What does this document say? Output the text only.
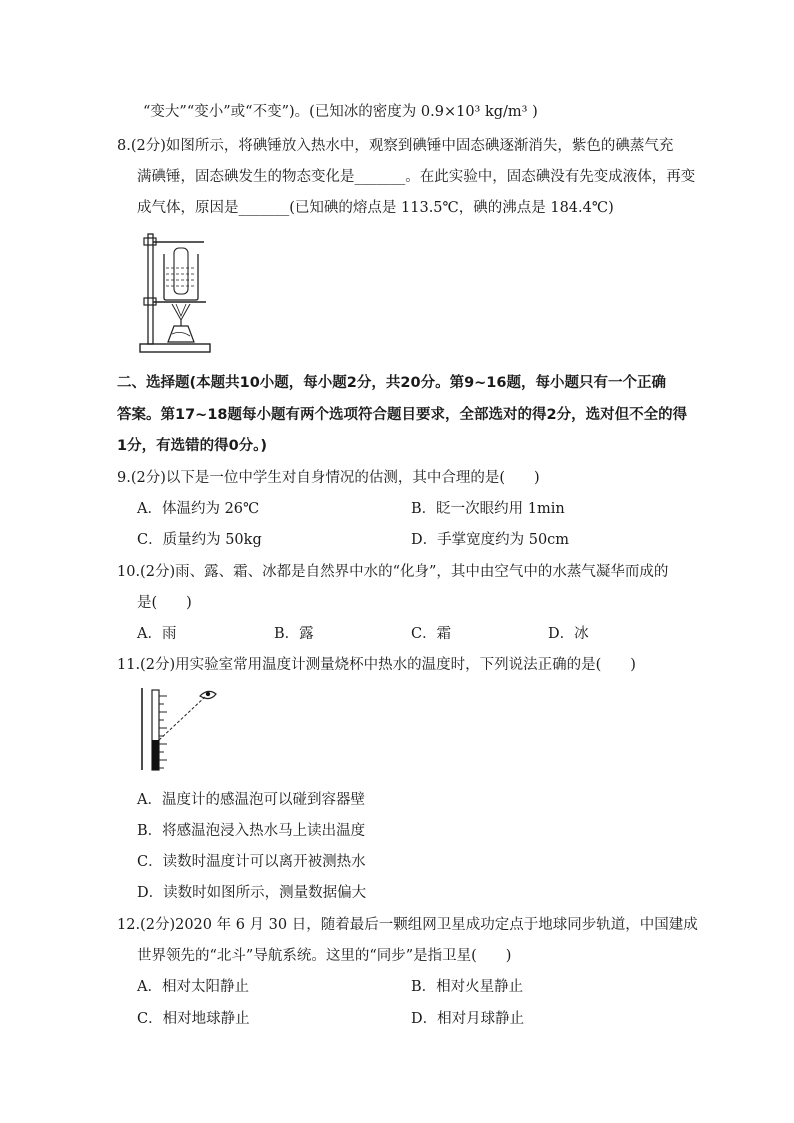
“变大”“变小”或“不变”)。(已知冰的密度为 0.9×10³ kg/m³ )
8.(2分)如图所示，将碘锤放入热水中，观察到碘锤中固态碘逐渐消失，紫色的碘蒸气充
满碘锤，固态碘发生的物态变化是_______。在此实验中，固态碘没有先变成液体，再变
成气体，原因是_______(已知碘的熔点是 113.5℃，碘的沸点是 184.4℃)
二、选择题(本题共10小题，每小题2分，共20分。第9~16题，每小题只有一个正确
答案。第17~18题每小题有两个选项符合题目要求，全部选对的得2分，选对但不全的得
1分，有选错的得0分。)
9.(2分)以下是一位中学生对自身情况的估测，其中合理的是(　　)
A．体温约为 26℃	B．眨一次眼约用 1min
C．质量约为 50kg	D．手掌宽度约为 50cm
10.(2分)雨、露、霜、冰都是自然界中水的“化身”，其中由空气中的水蒸气凝华而成的
是(　　)
A．雨	B．露	C．霜	D．冰
11.(2分)用实验室常用温度计测量烧杯中热水的温度时，下列说法正确的是(　　)
A．温度计的感温泡可以碰到容器壁
B．将感温泡浸入热水马上读出温度
C．读数时温度计可以离开被测热水
D．读数时如图所示，测量数据偏大
12.(2分)2020 年 6 月 30 日，随着最后一颗组网卫星成功定点于地球同步轨道，中国建成
世界领先的“北斗”导航系统。这里的“同步”是指卫星(　　)
A．相对太阳静止	B．相对火星静止
C．相对地球静止	D．相对月球静止
